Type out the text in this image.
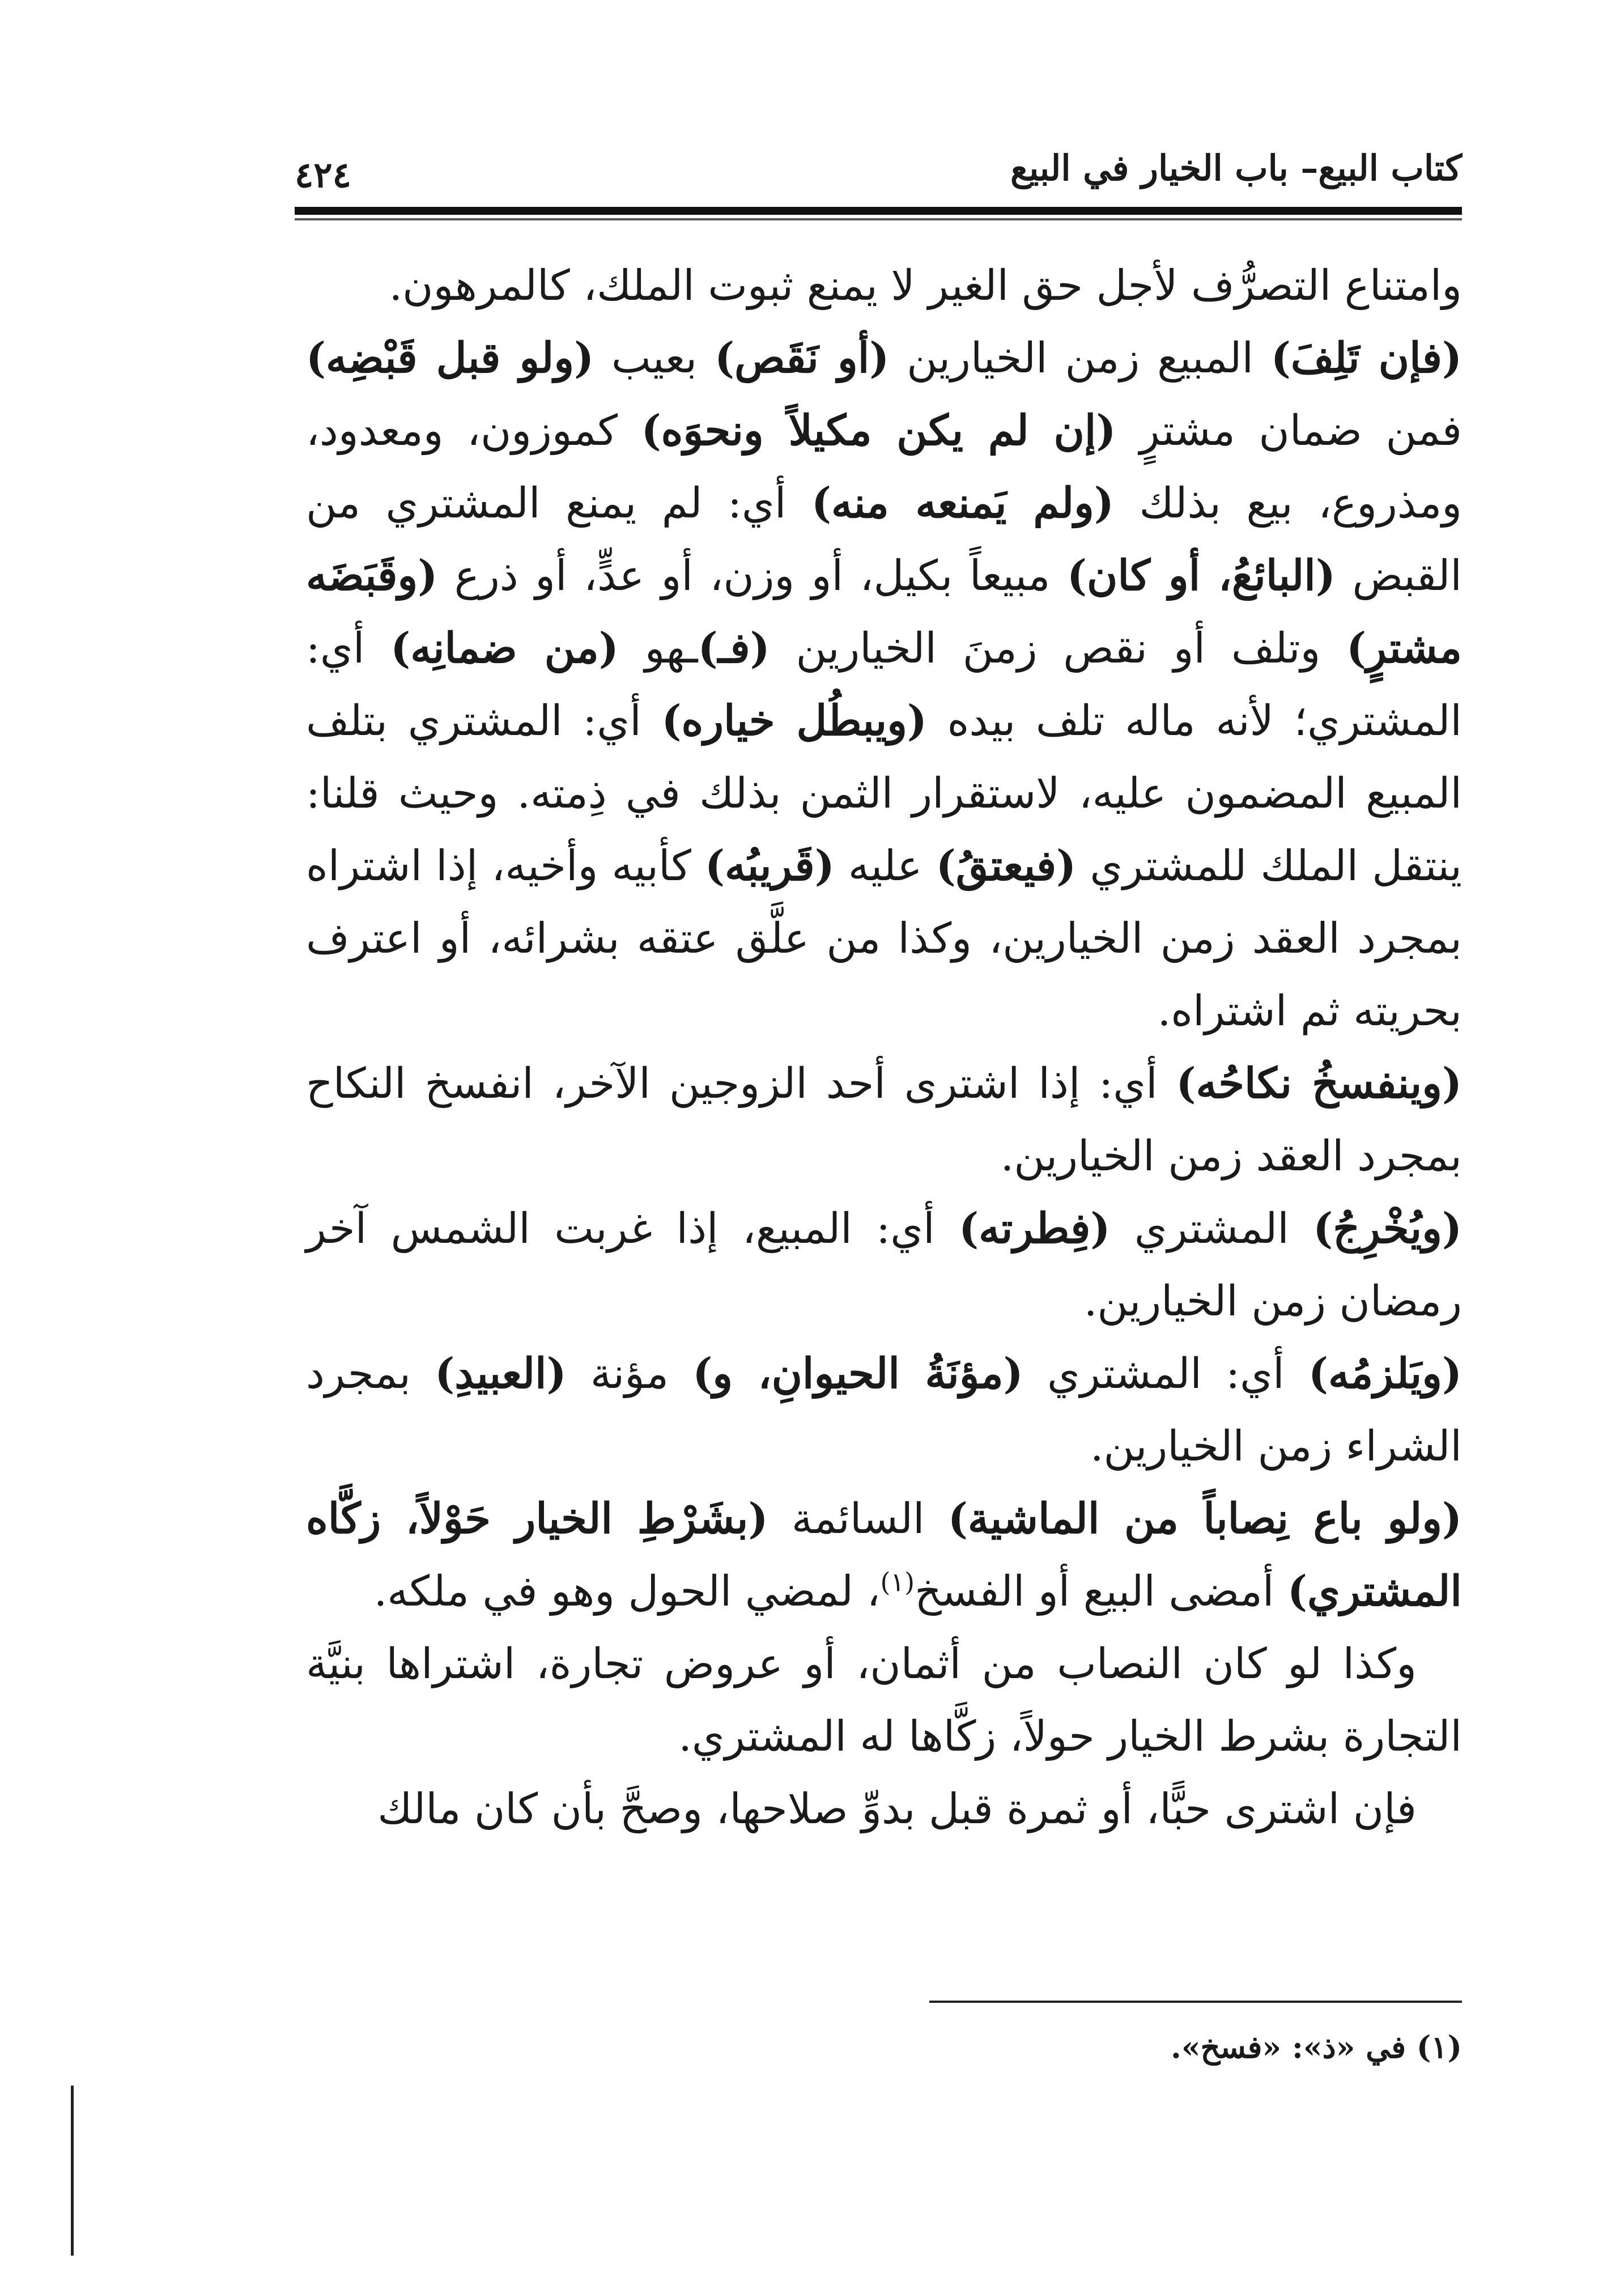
كتاب البيع– باب الخيار في البيع
٤٢٤

وامتناع التصرُّف لأجل حق الغير لا يمنع ثبوت الملك، كالمرهون.

(فإن تَلِفَ) المبيع زمن الخيارين (أو نَقَص) بعيب (ولو قبل قَبْضِه) فمن ضمان مشترٍ (إن لم يكن مكيلاً ونحوَه) كموزون، ومعدود، ومذروع، بيع بذلك (ولم يَمنعه منه) أي: لم يمنع المشتري من القبض (البائعُ، أو كان) مبيعاً بكيل، أو وزن، أو عدٍّ، أو ذرع (وقَبَضَه مشترٍ) وتلف أو نقص زمنَ الخيارين (فـ)ـهو (من ضمانِه) أي: المشتري؛ لأنه ماله تلف بيده (ويبطُل خياره) أي: المشتري بتلف المبيع المضمون عليه، لاستقرار الثمن بذلك في ذِمته. وحيث قلنا: ينتقل الملك للمشتري (فيعتقُ) عليه (قَريبُه) كأبيه وأخيه، إذا اشتراه بمجرد العقد زمن الخيارين، وكذا من علَّق عتقه بشرائه، أو اعترف بحريته ثم اشتراه.

(وينفسخُ نكاحُه) أي: إذا اشترى أحد الزوجين الآخر، انفسخ النكاح بمجرد العقد زمن الخيارين.

(ويُخْرِجُ) المشتري (فِطرته) أي: المبيع، إذا غربت الشمس آخر رمضان زمن الخيارين.

(ويَلزمُه) أي: المشتري (مؤنَةُ الحيوانِ، و) مؤنة (العبيدِ) بمجرد الشراء زمن الخيارين.

(ولو باع نِصاباً من الماشية) السائمة (بشَرْطِ الخيار حَوْلاً، زكَّاه المشتري) أمضى البيع أو الفسخ$^{(١)}$، لمضي الحول وهو في ملكه.

وكذا لو كان النصاب من أثمان، أو عروض تجارة، اشتراها بنيَّة التجارة بشرط الخيار حولاً، زكَّاها له المشتري.

فإن اشترى حبًّا، أو ثمرة قبل بدوِّ صلاحها، وصحَّ بأن كان مالك

(١) في «ذ»: «فسخ».
